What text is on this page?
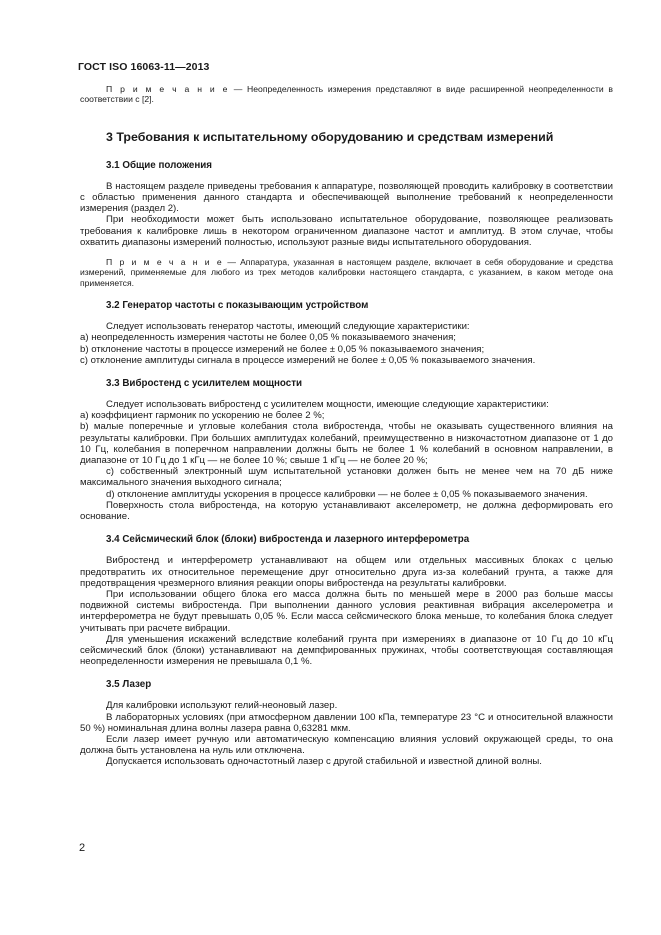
ГОСТ ISO 16063-11—2013

П р и м е ч а н и е — Неопределенность измерения представляют в виде расширенной неопределенности в соответствии с [2].

3 Требования к испытательному оборудованию и средствам измерений
3.1 Общие положения

В настоящем разделе приведены требования к аппаратуре, позволяющей проводить калибровку в соответствии с областью применения данного стандарта и обеспечивающей выполнение требований к неопределенности измерения (раздел 2).

При необходимости может быть использовано испытательное оборудование, позволяющее реализовать требования к калибровке лишь в некотором ограниченном диапазоне частот и амплитуд. В этом случае, чтобы охватить диапазоны измерений полностью, используют разные виды испытательного оборудования.

П р и м е ч а н и е — Аппаратура, указанная в настоящем разделе, включает в себя оборудование и средства измерений, применяемые для любого из трех методов калибровки настоящего стандарта, с указанием, в каком методе она применяется.

3.2 Генератор частоты с показывающим устройством

Следует использовать генератор частоты, имеющий следующие характеристики:

a) неопределенность измерения частоты не более 0,05 % показываемого значения;

b) отклонение частоты в процессе измерений не более ± 0,05 % показываемого значения;

c) отклонение амплитуды сигнала в процессе измерений не более ± 0,05 % показываемого значения.

3.3 Вибростенд с усилителем мощности

Следует использовать вибростенд с усилителем мощности, имеющие следующие характеристики:

a) коэффициент гармоник по ускорению не более 2 %;

b) малые поперечные и угловые колебания стола вибростенда, чтобы не оказывать существенного влияния на результаты калибровки. При больших амплитудах колебаний, преимущественно в низкочастотном диапазоне от 1 до 10 Гц, колебания в поперечном направлении должны быть не более 1 % колебаний в основном направлении, в диапазоне от 10 Гц до 1 кГц — не более 10 %; свыше 1 кГц — не более 20 %;

c) собственный электронный шум испытательной установки должен быть не менее чем на 70 дБ ниже максимального значения выходного сигнала;

d) отклонение амплитуды ускорения в процессе калибровки — не более ± 0,05 % показываемого значения.

Поверхность стола вибростенда, на которую устанавливают акселерометр, не должна деформировать его основание.

3.4 Сейсмический блок (блоки) вибростенда и лазерного интерферометра

Вибростенд и интерферометр устанавливают на общем или отдельных массивных блоках с целью предотвратить их относительное перемещение друг относительно друга из-за колебаний грунта, а также для предотвращения чрезмерного влияния реакции опоры вибростенда на результаты калибровки.

При использовании общего блока его масса должна быть по меньшей мере в 2000 раз больше массы подвижной системы вибростенда. При выполнении данного условия реактивная вибрация акселерометра и интерферометра не будут превышать 0,05 %. Если масса сейсмического блока меньше, то колебания блока следует учитывать при расчете вибрации.

Для уменьшения искажений вследствие колебаний грунта при измерениях в диапазоне от 10 Гц до 10 кГц сейсмический блок (блоки) устанавливают на демпфированных пружинах, чтобы соответствующая составляющая неопределенности измерения не превышала 0,1 %.

3.5 Лазер

Для калибровки используют гелий-неоновый лазер.

В лабораторных условиях (при атмосферном давлении 100 кПа, температуре 23 °C и относительной влажности 50 %) номинальная длина волны лазера равна 0,63281 мкм.

Если лазер имеет ручную или автоматическую компенсацию влияния условий окружающей среды, то она должна быть установлена на нуль или отключена.

Допускается использовать одночастотный лазер с другой стабильной и известной длиной волны.

2
